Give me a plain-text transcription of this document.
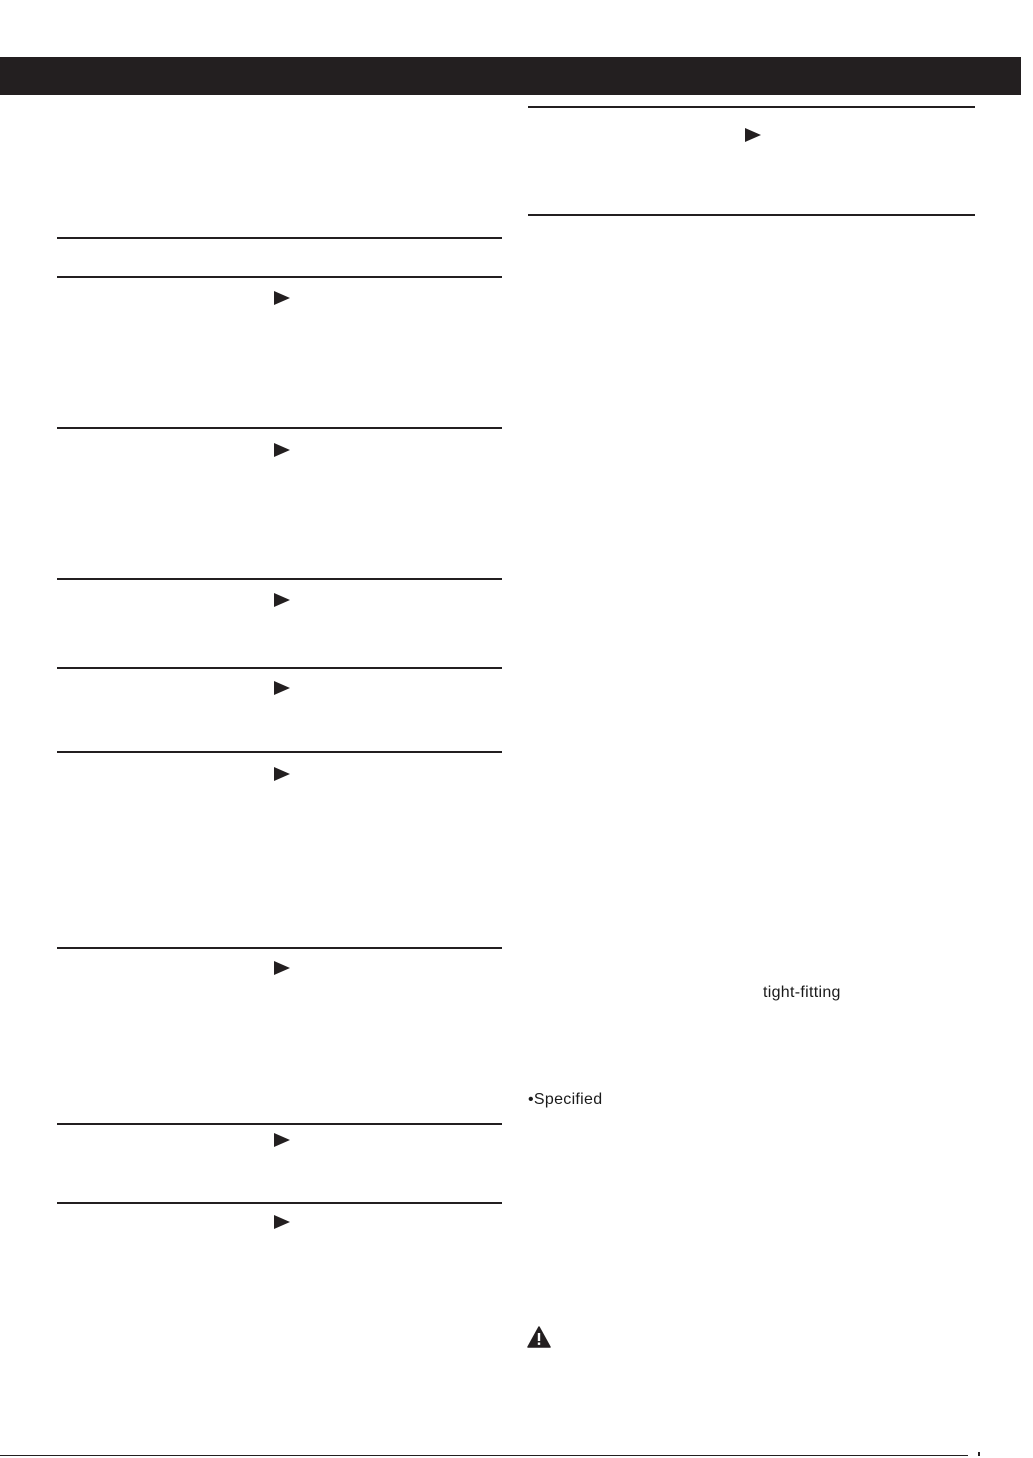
tight-fitting
•Specified
